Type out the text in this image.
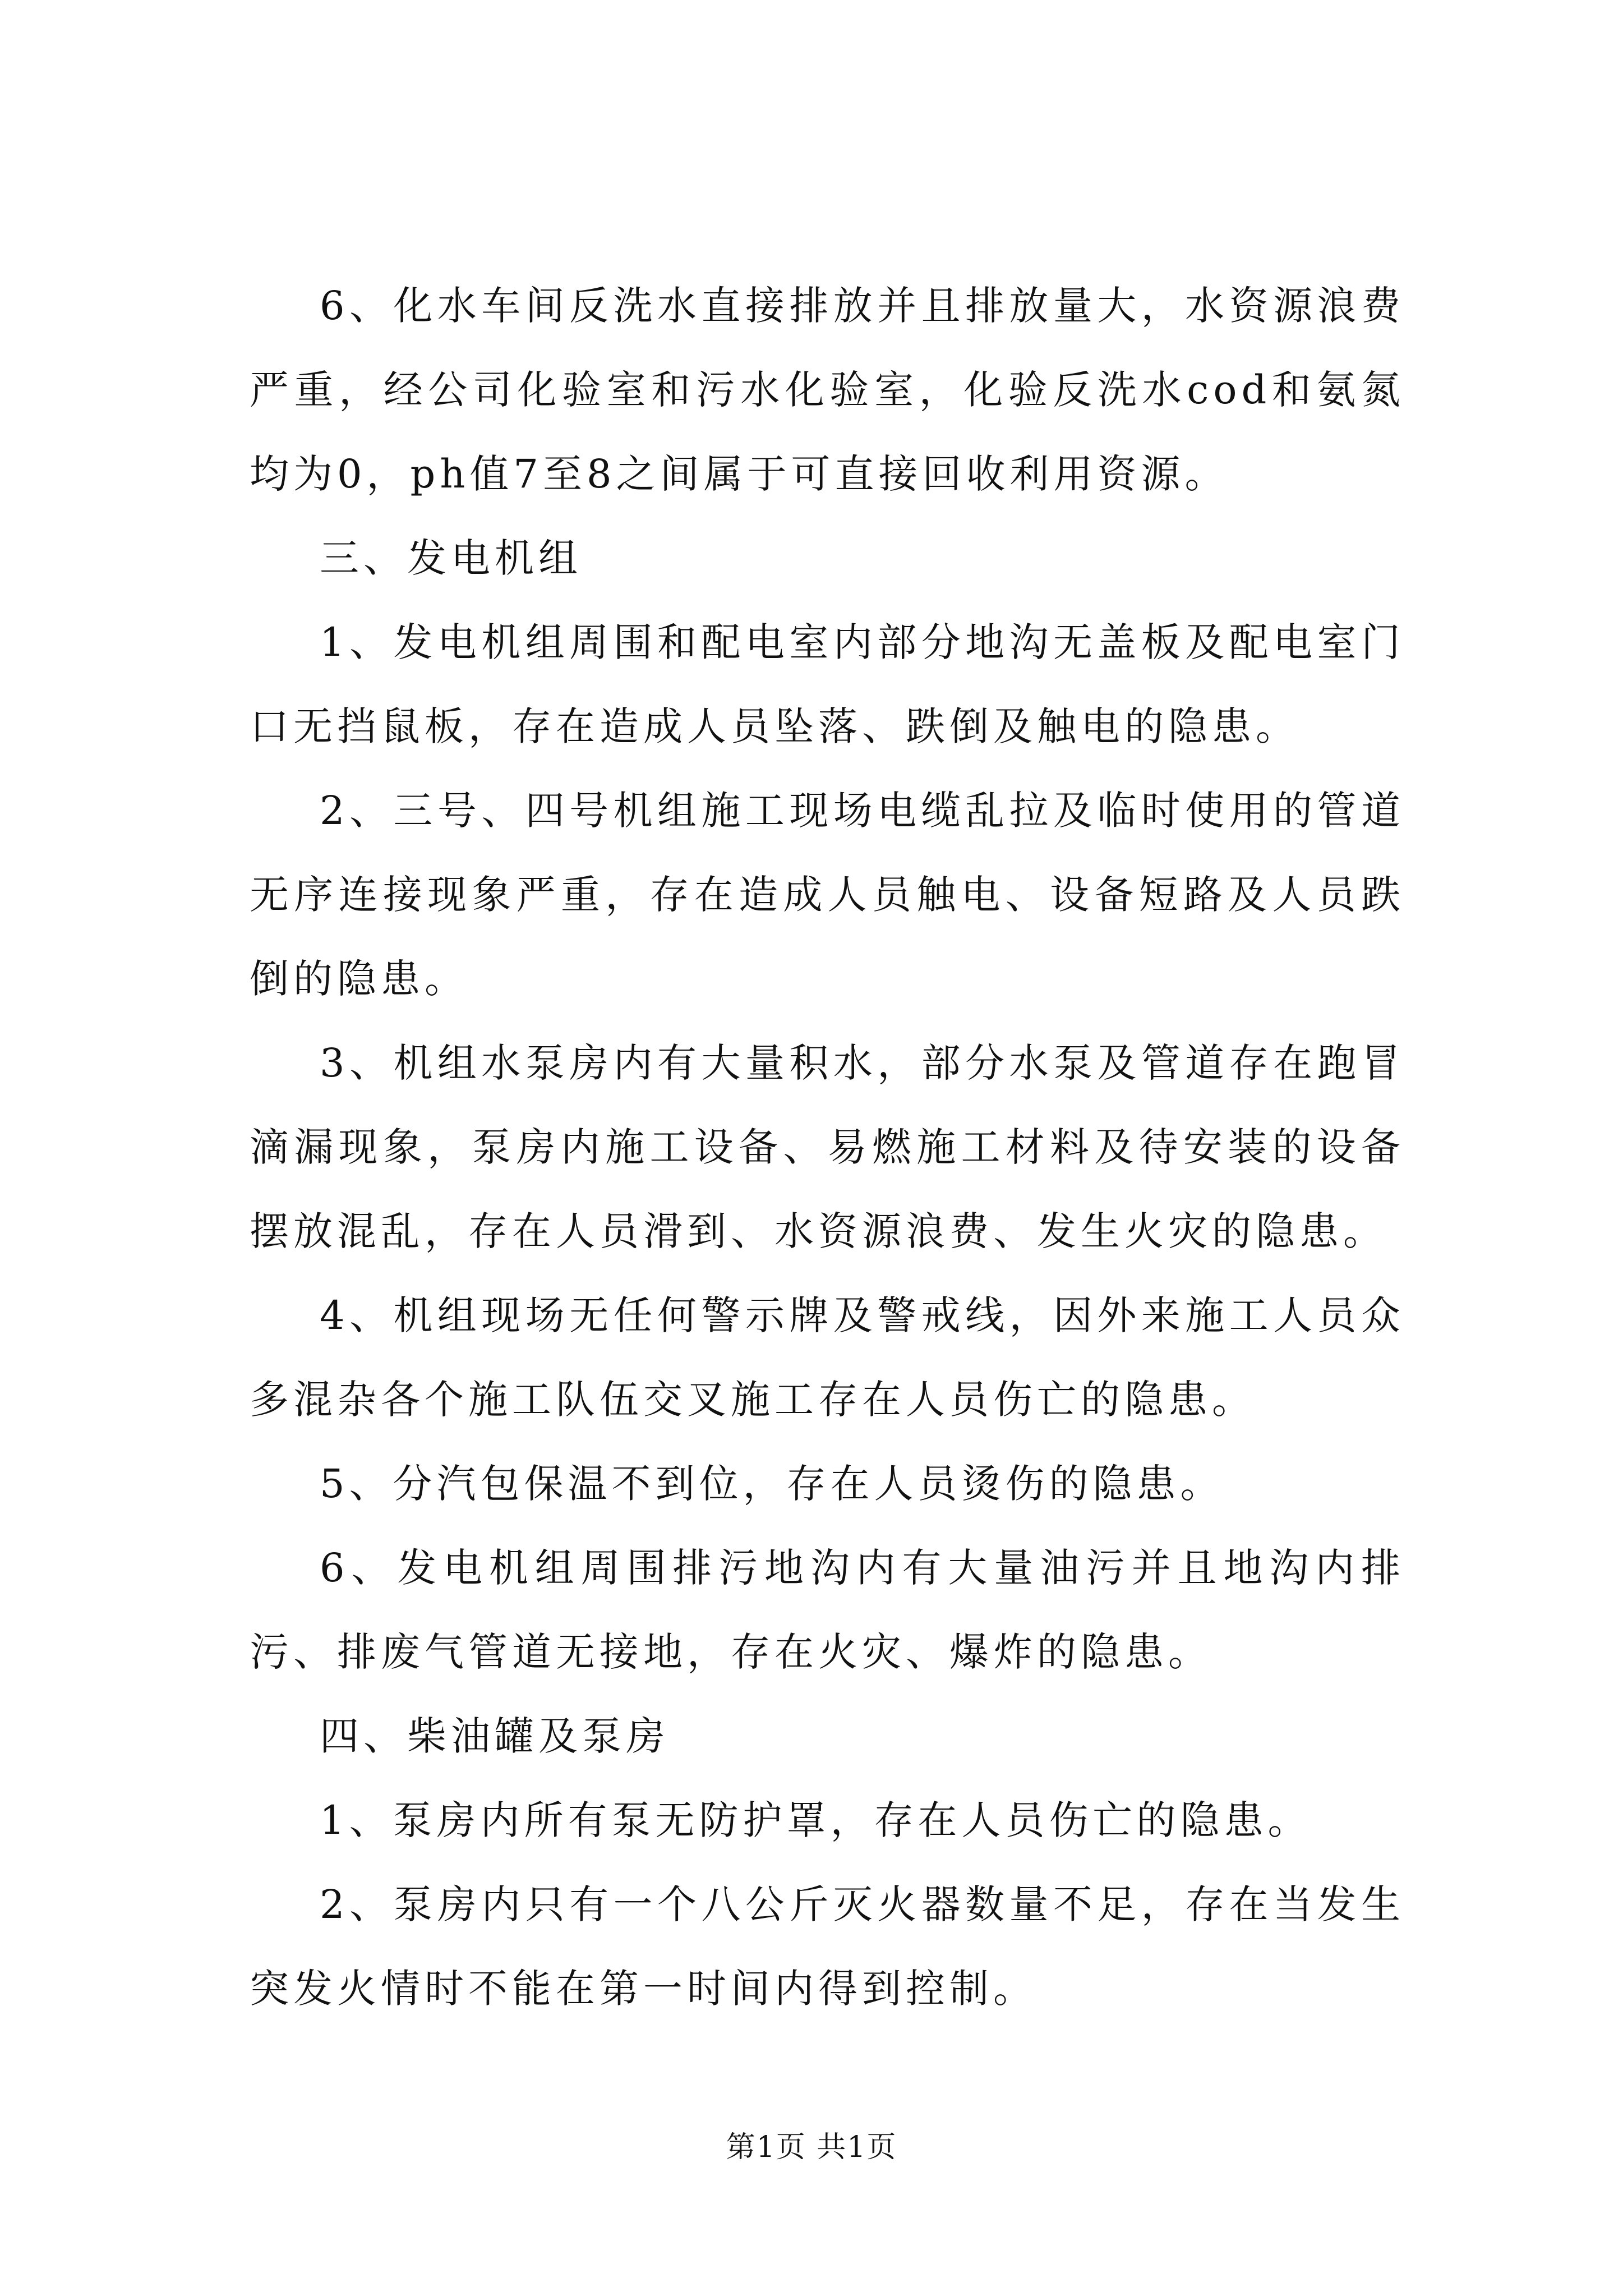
6、化水车间反洗水直接排放并且排放量大，水资源浪费严重，经公司化验室和污水化验室，化验反洗水cod和氨氮均为0，ph值7至8之间属于可直接回收利用资源。

三、发电机组

1、发电机组周围和配电室内部分地沟无盖板及配电室门口无挡鼠板，存在造成人员坠落、跌倒及触电的隐患。

2、三号、四号机组施工现场电缆乱拉及临时使用的管道无序连接现象严重，存在造成人员触电、设备短路及人员跌倒的隐患。

3、机组水泵房内有大量积水，部分水泵及管道存在跑冒滴漏现象，泵房内施工设备、易燃施工材料及待安装的设备摆放混乱，存在人员滑到、水资源浪费、发生火灾的隐患。

4、机组现场无任何警示牌及警戒线，因外来施工人员众多混杂各个施工队伍交叉施工存在人员伤亡的隐患。

5、分汽包保温不到位，存在人员烫伤的隐患。

6、发电机组周围排污地沟内有大量油污并且地沟内排污、排废气管道无接地，存在火灾、爆炸的隐患。

四、柴油罐及泵房

1、泵房内所有泵无防护罩，存在人员伤亡的隐患。

2、泵房内只有一个八公斤灭火器数量不足，存在当发生突发火情时不能在第一时间内得到控制。

第1页 共1页
